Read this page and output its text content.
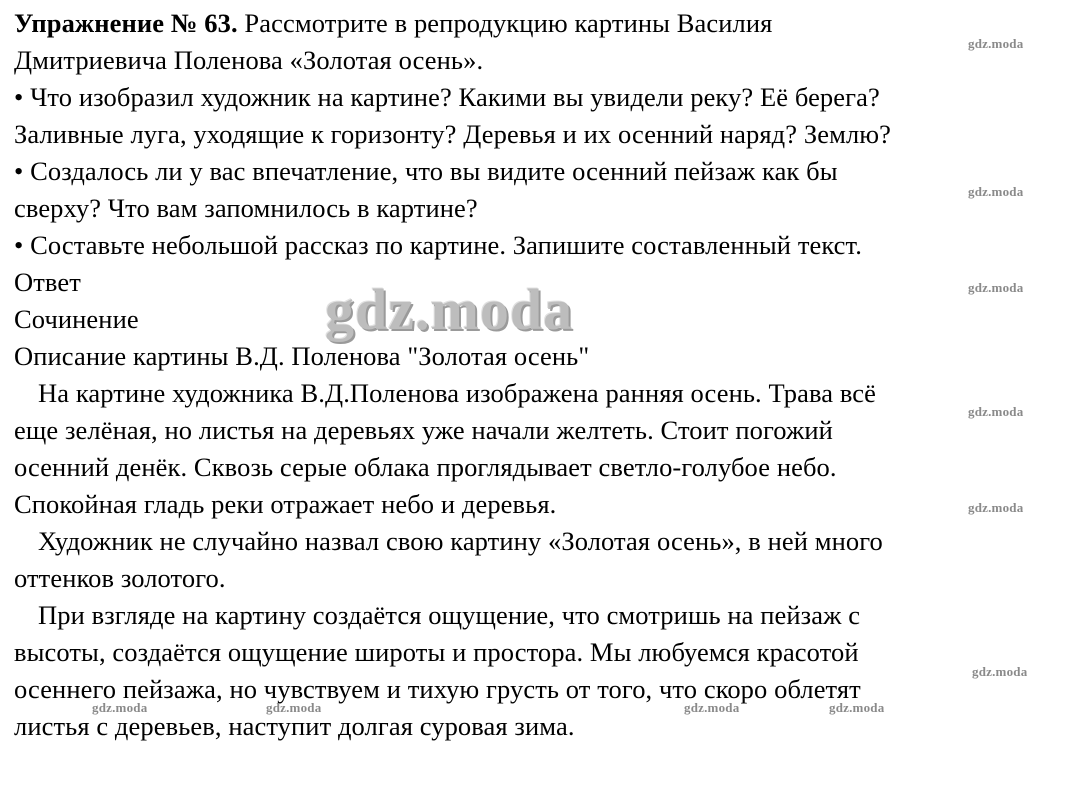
Упражнение № 63. Рассмотрите в репродукцию картины Василия
Дмитриевича Поленова «Золотая осень».
• Что изобразил художник на картине? Какими вы увидели реку? Её берега?
Заливные луга, уходящие к горизонту? Деревья и их осенний наряд? Землю?
• Создалось ли у вас впечатление, что вы видите осенний пейзаж как бы
сверху? Что вам запомнилось в картине?
• Составьте небольшой рассказ по картине. Запишите составленный текст.
Ответ
Сочинение
Описание картины В.Д. Поленова "Золотая осень"
На картине художника В.Д.Поленова изображена ранняя осень. Трава всё
еще зелёная, но листья на деревьях уже начали желтеть. Стоит погожий
осенний денёк. Сквозь серые облака проглядывает светло-голубое небо.
Спокойная гладь реки отражает небо и деревья.
Художник не случайно назвал свою картину «Золотая осень», в ней много
оттенков золотого.
При взгляде на картину создаётся ощущение, что смотришь на пейзаж с
высоты, создаётся ощущение широты и простора. Мы любуемся красотой
осеннего пейзажа, но чувствуем и тихую грусть от того, что скоро облетят
листья с деревьев, наступит долгая суровая зима.
gdz.moda
gdz.moda
gdz.moda
gdz.moda
gdz.moda
gdz.moda
gdz.moda
gdz.moda	gdz.moda	gdz.moda	gdz.moda
